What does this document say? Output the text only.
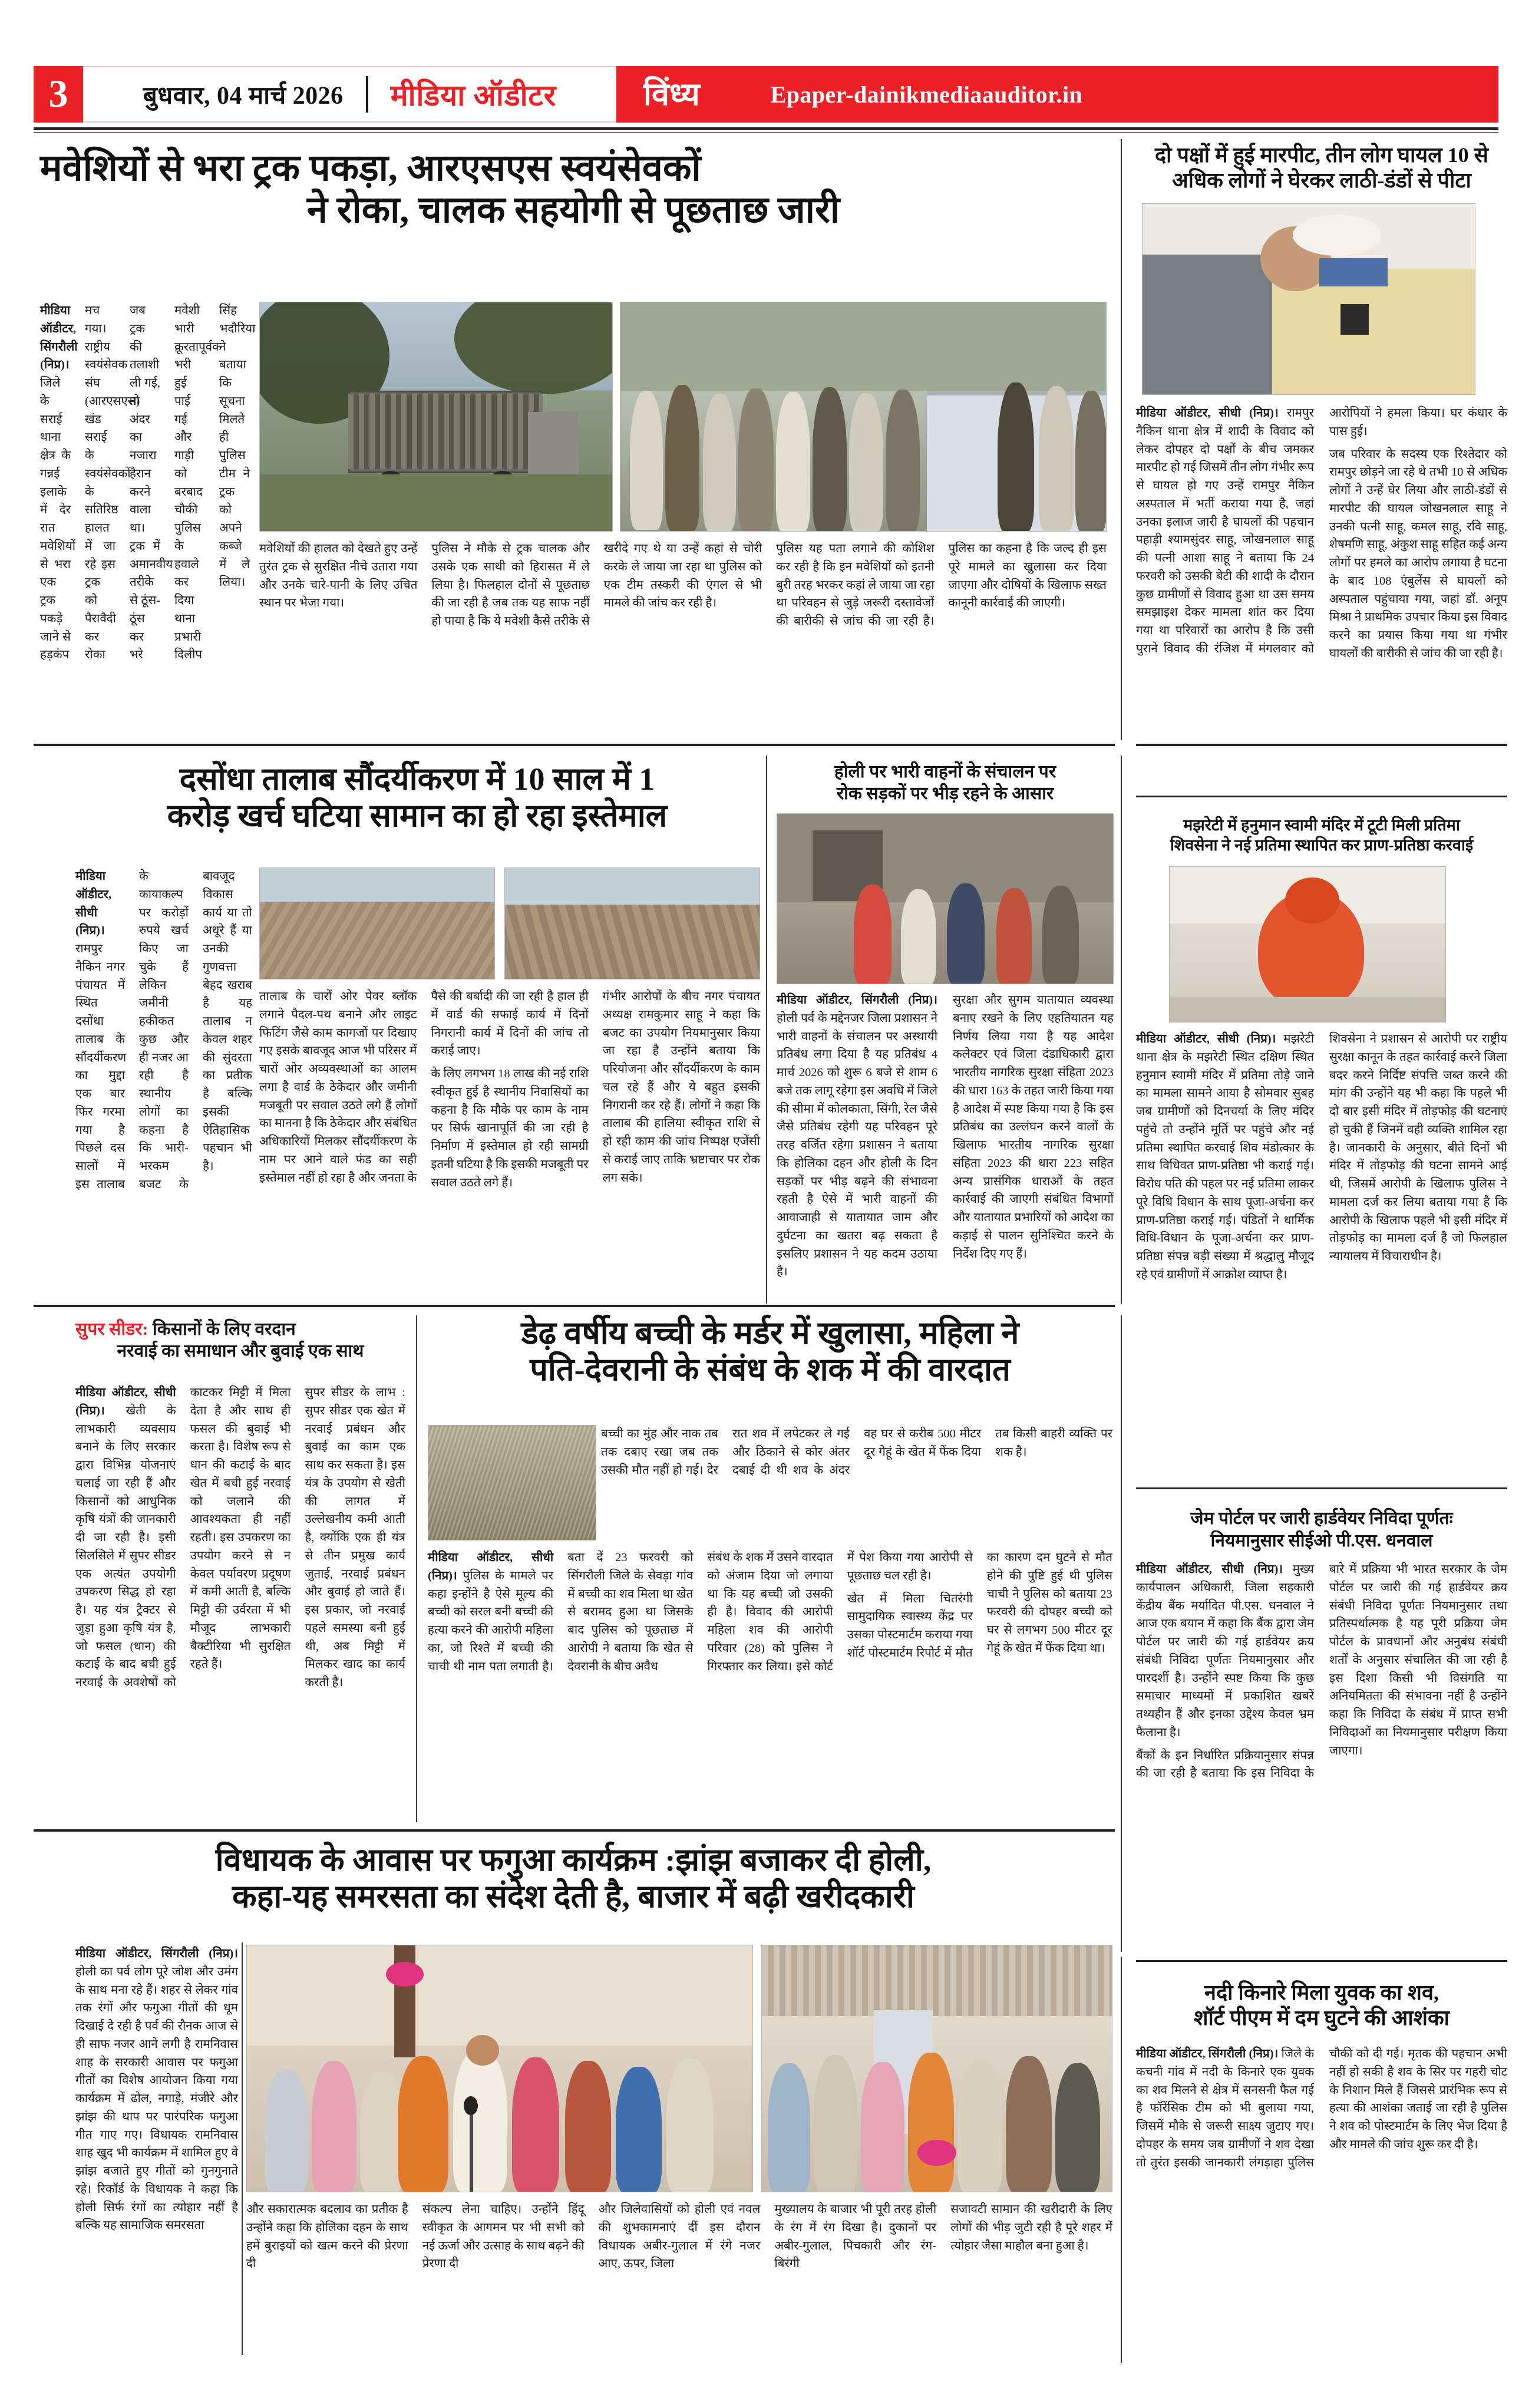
3	बुधवार, 04 मार्च 2026 मीडिया ऑडीटर	विंध्य	Epaper-dainikmediaauditor.in
मवेशियों से भरा ट्रक पकड़ा, आरएसएस स्वयंसेवकों
ने रोका, चालक सहयोगी से पूछताछ जारी

मीडिया ऑडीटर, सिंगरौली (निप्र)। जिले के सराई थाना क्षेत्र के गन्नई इलाके में देर रात मवेशियों से भरा एक ट्रक पकड़े जाने से हड़कंप मच गया। राष्ट्रीय स्वयंसेवक संघ (आरएसएस) खंड सराई के स्वयंसेवकों के सतिरिष्ठ हालत में जा रहे इस ट्रक को पैरावैदी कर रोका जब ट्रक की तलाशी ली गई, तो अंदर का नजारा हैरान करने वाला था। ट्रक में अमानवीय तरीके से ठूंस-ठूंस कर भरे मवेशी भारी क्रूरतापूर्वक भरी हुई पाई गई और गाड़ी को बरबाद चौकी पुलिस के हवाले कर दिया थाना प्रभारी दिलीप सिंह भदौरिया ने बताया कि सूचना मिलते ही पुलिस टीम ने ट्रक को अपने कब्जे में ले लिया।

मवेशियों की हालत को देखते हुए उन्हें तुरंत ट्रक से सुरक्षित नीचे उतारा गया और उनके चारे-पानी के लिए उचित स्थान पर भेजा गया।

पुलिस ने मौके से ट्रक चालक और उसके एक साथी को हिरासत में ले लिया है। फिलहाल दोनों से पूछताछ की जा रही है जब तक यह साफ नहीं हो पाया है कि ये मवेशी कैसे तरीके से खरीदे गए थे या उन्हें कहां से चोरी करके ले जाया जा रहा था पुलिस को एक टीम तस्करी की एंगल से भी मामले की जांच कर रही है।

पुलिस यह पता लगाने की कोशिश कर रही है कि इन मवेशियों को इतनी बुरी तरह भरकर कहां ले जाया जा रहा था परिवहन से जुड़े जरूरी दस्तावेजों की बारीकी से जांच की जा रही है। पुलिस का कहना है कि जल्द ही इस पूरे मामले का खुलासा कर दिया जाएगा और दोषियों के खिलाफ सख्त कानूनी कार्रवाई की जाएगी।

दो पक्षों में हुई मारपीट, तीन लोग घायल 10 से अधिक लोगों ने घेरकर लाठी-डंडों से पीटा

मीडिया ऑडीटर, सीधी (निप्र)। रामपुर नैकिन थाना क्षेत्र में शादी के विवाद को लेकर दोपहर दो पक्षों के बीच जमकर मारपीट हो गई जिसमें तीन लोग गंभीर रूप से घायल हो गए उन्हें रामपुर नैकिन अस्पताल में भर्ती कराया गया है, जहां उनका इलाज जारी है घायलों की पहचान पहाड़ी श्यामसुंदर साहू, जोखनलाल साहू की पत्नी आशा साहू ने बताया कि 24 फरवरी को उसकी बेटी की शादी के दौरान कुछ ग्रामीणों से विवाद हुआ था उस समय समझाइश देकर मामला शांत कर दिया गया था परिवारों का आरोप है कि उसी पुराने विवाद की रंजिश में मंगलवार को आरोपियों ने हमला किया। घर कंधार के पास हुई।

जब परिवार के सदस्य एक रिश्तेदार को रामपुर छोड़ने जा रहे थे तभी 10 से अधिक लोगों ने उन्हें घेर लिया और लाठी-डंडों से मारपीट की घायल जोखनलाल साहू ने उनकी पत्नी साहू, कमल साहू, रवि साहू, शेषमणि साहू, अंकुश साहू सहित कई अन्य लोगों पर हमले का आरोप लगाया है घटना के बाद 108 एंबुलेंस से घायलों को अस्पताल पहुंचाया गया, जहां डॉ. अनूप मिश्रा ने प्राथमिक उपचार किया इस विवाद करने का प्रयास किया गया था गंभीर घायलों की बारीकी से जांच की जा रही है।

दसोंधा तालाब सौंदर्यीकरण में 10 साल में 1
करोड़ खर्च घटिया सामान का हो रहा इस्तेमाल

मीडिया ऑडीटर, सीधी (निप्र)। रामपुर नैकिन नगर पंचायत में स्थित दसोंधा तालाब के सौंदर्यीकरण का मुद्दा एक बार फिर गरमा गया है पिछले दस सालों में इस तालाब के कायाकल्प पर करोड़ों रुपये खर्च किए जा चुके हैं लेकिन जमीनी हकीकत कुछ और ही नजर आ रही है स्थानीय लोगों का कहना है कि भारी-भरकम बजट के बावजूद विकास कार्य या तो अधूरे हैं या उनकी गुणवत्ता बेहद खराब है यह तालाब न केवल शहर की सुंदरता का प्रतीक है बल्कि इसकी ऐतिहासिक पहचान भी है।

तालाब के चारों ओर पेवर ब्लॉक लगाने पैदल-पथ बनाने और लाइट फिटिंग जैसे काम कागजों पर दिखाए गए इसके बावजूद आज भी परिसर में चारों ओर अव्यवस्थाओं का आलम लगा है वार्ड के ठेकेदार और जमीनी मजबूती पर सवाल उठते लगे हैं लोगों का मानना है कि ठेकेदार और संबंधित अधिकारियों मिलकर सौंदर्यीकरण के नाम पर आने वाले फंड का सही इस्तेमाल नहीं हो रहा है और जनता के पैसे की बर्बादी की जा रही है हाल ही में वार्ड की सफाई कार्य में दिनों निगरानी कार्य में दिनों की जांच तो कराई जाए।

के लिए लगभग 18 लाख की नई राशि स्वीकृत हुई है स्थानीय निवासियों का कहना है कि मौके पर काम के नाम पर सिर्फ खानापूर्ति की जा रही है निर्माण में इस्तेमाल हो रही सामग्री इतनी घटिया है कि इसकी मजबूती पर सवाल उठते लगे हैं।

गंभीर आरोपों के बीच नगर पंचायत अध्यक्ष रामकुमार साहू ने कहा कि बजट का उपयोग नियमानुसार किया जा रहा है उन्होंने बताया कि परियोजना और सौंदर्यीकरण के काम चल रहे हैं और ये बहुत इसकी निगरानी कर रहे हैं। लोगों ने कहा कि तालाब की हालिया स्वीकृत राशि से हो रही काम की जांच निष्पक्ष एजेंसी से कराई जाए ताकि भ्रष्टाचार पर रोक लग सके।

होली पर भारी वाहनों के संचालन पर
रोक सड़कों पर भीड़ रहने के आसार

मीडिया ऑडीटर, सिंगरौली (निप्र)। होली पर्व के मद्देनजर जिला प्रशासन ने भारी वाहनों के संचालन पर अस्थायी प्रतिबंध लगा दिया है यह प्रतिबंध 4 मार्च 2026 को शुरू 6 बजे से शाम 6 बजे तक लागू रहेगा इस अवधि में जिले की सीमा में कोलकाता, सिंगी, रेल जैसे जैसे प्रतिबंध रहेगी यह परिवहन पूरे तरह वर्जित रहेगा प्रशासन ने बताया कि होलिका दहन और होली के दिन सड़कों पर भीड़ बढ़ने की संभावना रहती है ऐसे में भारी वाहनों की आवाजाही से यातायात जाम और दुर्घटना का खतरा बढ़ सकता है इसलिए प्रशासन ने यह कदम उठाया है।

सुरक्षा और सुगम यातायात व्यवस्था बनाए रखने के लिए एहतियातन यह निर्णय लिया गया है यह आदेश कलेक्टर एवं जिला दंडाधिकारी द्वारा भारतीय नागरिक सुरक्षा संहिता 2023 की धारा 163 के तहत जारी किया गया है आदेश में स्पष्ट किया गया है कि इस प्रतिबंध का उल्लंघन करने वालों के खिलाफ भारतीय नागरिक सुरक्षा संहिता 2023 की धारा 223 सहित अन्य प्रासंगिक धाराओं के तहत कार्रवाई की जाएगी संबंधित विभागों और यातायात प्रभारियों को आदेश का कड़ाई से पालन सुनिश्चित करने के निर्देश दिए गए हैं।

मझरेटी में हनुमान स्वामी मंदिर में टूटी मिली प्रतिमा
शिवसेना ने नई प्रतिमा स्थापित कर प्राण-प्रतिष्ठा करवाई

मीडिया ऑडीटर, सीधी (निप्र)। मझरेटी थाना क्षेत्र के मझरेटी स्थित दक्षिण स्थित हनुमान स्वामी मंदिर में प्रतिमा तोड़े जाने का मामला सामने आया है सोमवार सुबह जब ग्रामीणों को दिनचर्या के लिए मंदिर पहुंचे तो उन्होंने मूर्ति पर पहुंचे और नई प्रतिमा स्थापित करवाई शिव मंडोत्कार के साथ विधिवत प्राण-प्रतिष्ठा भी कराई गई। विरोध पति की पहल पर नई प्रतिमा लाकर पूरे विधि विधान के साथ पूजा-अर्चना कर प्राण-प्रतिष्ठा कराई गई। पंडितों ने धार्मिक विधि-विधान के पूजा-अर्चना कर प्राण-प्रतिष्ठा संपन्न बड़ी संख्या में श्रद्धालु मौजूद रहे एवं ग्रामीणों में आक्रोश व्याप्त है।

शिवसेना ने प्रशासन से आरोपी पर राष्ट्रीय सुरक्षा कानून के तहत कार्रवाई करने जिला बदर करने निर्दिष्ट संपत्ति जब्त करने की मांग की उन्होंने यह भी कहा कि पहले भी दो बार इसी मंदिर में तोड़फोड़ की घटनाएं हो चुकी हैं जिनमें वही व्यक्ति शामिल रहा है। जानकारी के अनुसार, बीते दिनों भी मंदिर में तोड़फोड़ की घटना सामने आई थी, जिसमें आरोपी के खिलाफ पुलिस ने मामला दर्ज कर लिया बताया गया है कि आरोपी के खिलाफ पहले भी इसी मंदिर में तोड़फोड़ का मामला दर्ज है जो फिलहाल न्यायालय में विचाराधीन है।

सुपर सीडर: किसानों के लिए वरदान
नरवाई का समाधान और बुवाई एक साथ

मीडिया ऑडीटर, सीधी (निप्र)। खेती के लाभकारी व्यवसाय बनाने के लिए सरकार द्वारा विभिन्न योजनाएं चलाई जा रही हैं और किसानों को आधुनिक कृषि यंत्रों की जानकारी दी जा रही है। इसी सिलसिले में सुपर सीडर एक अत्यंत उपयोगी उपकरण सिद्ध हो रहा है। यह यंत्र ट्रैक्टर से जुड़ा हुआ कृषि यंत्र है, जो फसल (धान) की कटाई के बाद बची हुई नरवाई के अवशेषों को काटकर मिट्टी में मिला देता है और साथ ही फसल की बुवाई भी करता है। विशेष रूप से धान की कटाई के बाद खेत में बची हुई नरवाई को जलाने की आवश्यकता ही नहीं रहती। इस उपकरण का उपयोग करने से न केवल पर्यावरण प्रदूषण में कमी आती है, बल्कि मिट्टी की उर्वरता में भी मौजूद लाभकारी बैक्टीरिया भी सुरक्षित रहते हैं।

सुपर सीडर के लाभ : सुपर सीडर एक खेत में नरवाई प्रबंधन और बुवाई का काम एक साथ कर सकता है। इस यंत्र के उपयोग से खेती की लागत में उल्लेखनीय कमी आती है, क्योंकि एक ही यंत्र से तीन प्रमुख कार्य जुताई, नरवाई प्रबंधन और बुवाई हो जाते हैं। इस प्रकार, जो नरवाई पहले समस्या बनी हुई थी, अब मिट्टी में मिलकर खाद का कार्य करती है।

डेढ़ वर्षीय बच्ची के मर्डर में खुलासा, महिला ने
पति-देवरानी के संबंध के शक में की वारदात

बच्ची का मुंह और नाक तब तक दबाए रखा जब तक उसकी मौत नहीं हो गई। देर रात शव में लपेटकर ले गई और ठिकाने से कोर अंतर दबाई दी थी शव के अंदर वह घर से करीब 500 मीटर दूर गेहूं के खेत में फेंक दिया तब किसी बाहरी व्यक्ति पर शक है।

मीडिया ऑडीटर, सीधी (निप्र)। पुलिस के मामले पर कहा इन्होंने है ऐसे मूल्य की बच्ची को सरल बनी बच्ची की हत्या करने की आरोपी महिला का, जो रिश्ते में बच्ची की चाची थी नाम पता लगाती है। बता दें 23 फरवरी को सिंगरौली जिले के सेवड़ा गांव में बच्ची का शव मिला था खेत से बरामद हुआ था जिसके बाद पुलिस को पूछताछ में आरोपी ने बताया कि खेत से देवरानी के बीच अवैध

संबंध के शक में उसने वारदात को अंजाम दिया जो लगाया था कि यह बच्ची जो उसकी ही है। विवाद की आरोपी महिला शव की आरोपी परिवार (28) को पुलिस ने गिरफ्तार कर लिया। इसे कोर्ट में पेश किया गया आरोपी से पूछताछ चल रही है।

खेत में मिला चितरंगी सामुदायिक स्वास्थ्य केंद्र पर उसका पोस्टमार्टम कराया गया शॉर्ट पोस्टमार्टम रिपोर्ट में मौत का कारण दम घुटने से मौत होने की पुष्टि हुई थी पुलिस चाची ने पुलिस को बताया 23 फरवरी की दोपहर बच्ची को घर से लगभग 500 मीटर दूर गेहूं के खेत में फेंक दिया था।

जेम पोर्टल पर जारी हार्डवेयर निविदा पूर्णतः
नियमानुसार सीईओ पी.एस. धनवाल

मीडिया ऑडीटर, सीधी (निप्र)। मुख्य कार्यपालन अधिकारी, जिला सहकारी केंद्रीय बैंक मर्यादित पी.एस. धनवाल ने आज एक बयान में कहा कि बैंक द्वारा जेम पोर्टल पर जारी की गई हार्डवेयर क्रय संबंधी निविदा पूर्णतः नियमानुसार और पारदर्शी है। उन्होंने स्पष्ट किया कि कुछ समाचार माध्यमों में प्रकाशित खबरें तथ्यहीन हैं और इनका उद्देश्य केवल भ्रम फैलाना है।

बैंकों के इन निर्धारित प्रक्रियानुसार संपन्न की जा रही है बताया कि इस निविदा के बारे में प्रक्रिया भी भारत सरकार के जेम पोर्टल पर जारी की गई हार्डवेयर क्रय संबंधी निविदा पूर्णतः नियमानुसार तथा प्रतिस्पर्धात्मक है यह पूरी प्रक्रिया जेम पोर्टल के प्रावधानों और अनुबंध संबंधी शर्तों के अनुसार संचालित की जा रही है इस दिशा किसी भी विसंगति या अनियमितता की संभावना नहीं है उन्होंने कहा कि निविदा के संबंध में प्राप्त सभी निविदाओं का नियमानुसार परीक्षण किया जाएगा।

विधायक के आवास पर फगुआ कार्यक्रम :झांझ बजाकर दी होली,
कहा-यह समरसता का संदेश देती है, बाजार में बढ़ी खरीदकारी

मीडिया ऑडीटर, सिंगरौली (निप्र)। होली का पर्व लोग पूरे जोश और उमंग के साथ मना रहे हैं। शहर से लेकर गांव तक रंगों और फगुआ गीतों की धूम दिखाई दे रही है पर्व की रौनक आज से ही साफ नजर आने लगी है रामनिवास शाह के सरकारी आवास पर फगुआ गीतों का विशेष आयोजन किया गया कार्यक्रम में ढोल, नगाड़े, मंजीरे और झांझ की थाप पर पारंपरिक फगुआ गीत गाए गए। विधायक रामनिवास शाह खुद भी कार्यक्रम में शामिल हुए वे झांझ बजाते हुए गीतों को गुनगुनाते रहे। रिकॉर्ड के विधायक ने कहा कि होली सिर्फ रंगों का त्योहार नहीं है बल्कि यह सामाजिक समरसता

और सकारात्मक बदलाव का प्रतीक है उन्होंने कहा कि होलिका दहन के साथ हमें बुराइयों को खत्म करने की प्रेरणा दी

संकल्प लेना चाहिए। उन्होंने हिंदू स्वीकृत के आगमन पर भी सभी को नई ऊर्जा और उत्साह के साथ बढ़ने की प्रेरणा दी

और जिलेवासियों को होली एवं नवल की शुभकामनाएं दीं इस दौरान विधायक अबीर-गुलाल में रंगे नजर आए, ऊपर, जिला

मुख्यालय के बाजार भी पूरी तरह होली के रंग में रंग दिखा है। दुकानों पर अबीर-गुलाल, पिचकारी और रंग-बिरंगी

सजावटी सामान की खरीदारी के लिए लोगों की भीड़ जुटी रही है पूरे शहर में त्योहार जैसा माहौल बना हुआ है।

नदी किनारे मिला युवक का शव,
शॉर्ट पीएम में दम घुटने की आशंका

मीडिया ऑडीटर, सिंगरौली (निप्र)। जिले के कचनी गांव में नदी के किनारे एक युवक का शव मिलने से क्षेत्र में सनसनी फैल गई है फॉरेंसिक टीम को भी बुलाया गया, जिसमें मौके से जरूरी साक्ष्य जुटाए गए। दोपहर के समय जब ग्रामीणों ने शव देखा तो तुरंत इसकी जानकारी लंगड़ाहा पुलिस चौकी को दी गई। मृतक की पहचान अभी नहीं हो सकी है शव के सिर पर गहरी चोट के निशान मिले हैं जिससे प्रारंभिक रूप से हत्या की आशंका जताई जा रही है पुलिस ने शव को पोस्टमार्टम के लिए भेज दिया है और मामले की जांच शुरू कर दी है।
